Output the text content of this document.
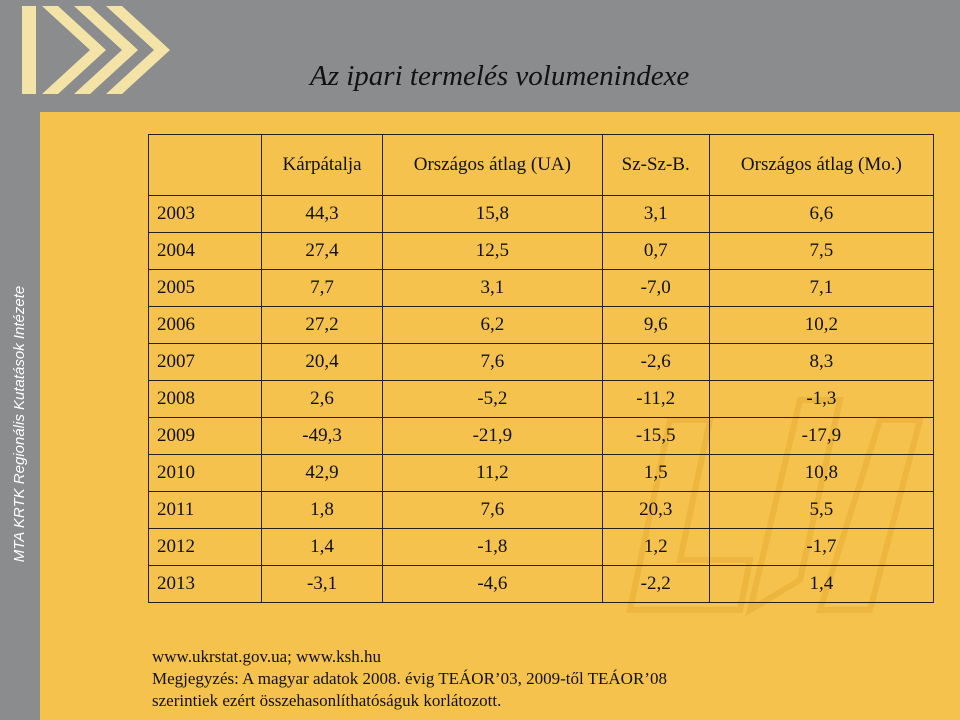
Az ipari termelés volumenindexe
MTA KRTK Regionális Kutatások Intézete
	Kárpátalja	Országos átlag (UA)	Sz-Sz-B.	Országos átlag (Mo.)
2003	44,3	15,8	3,1	6,6
2004	27,4	12,5	0,7	7,5
2005	7,7	3,1	-7,0	7,1
2006	27,2	6,2	9,6	10,2
2007	20,4	7,6	-2,6	8,3
2008	2,6	-5,2	-11,2	-1,3
2009	-49,3	-21,9	-15,5	-17,9
2010	42,9	11,2	1,5	10,8
2011	1,8	7,6	20,3	5,5
2012	1,4	-1,8	1,2	-1,7
2013	-3,1	-4,6	-2,2	1,4
www.ukrstat.gov.ua; www.ksh.hu
Megjegyzés: A magyar adatok 2008. évig TEÁOR’03, 2009-től TEÁOR’08
szerintiek ezért összehasonlíthatóságuk korlátozott.
